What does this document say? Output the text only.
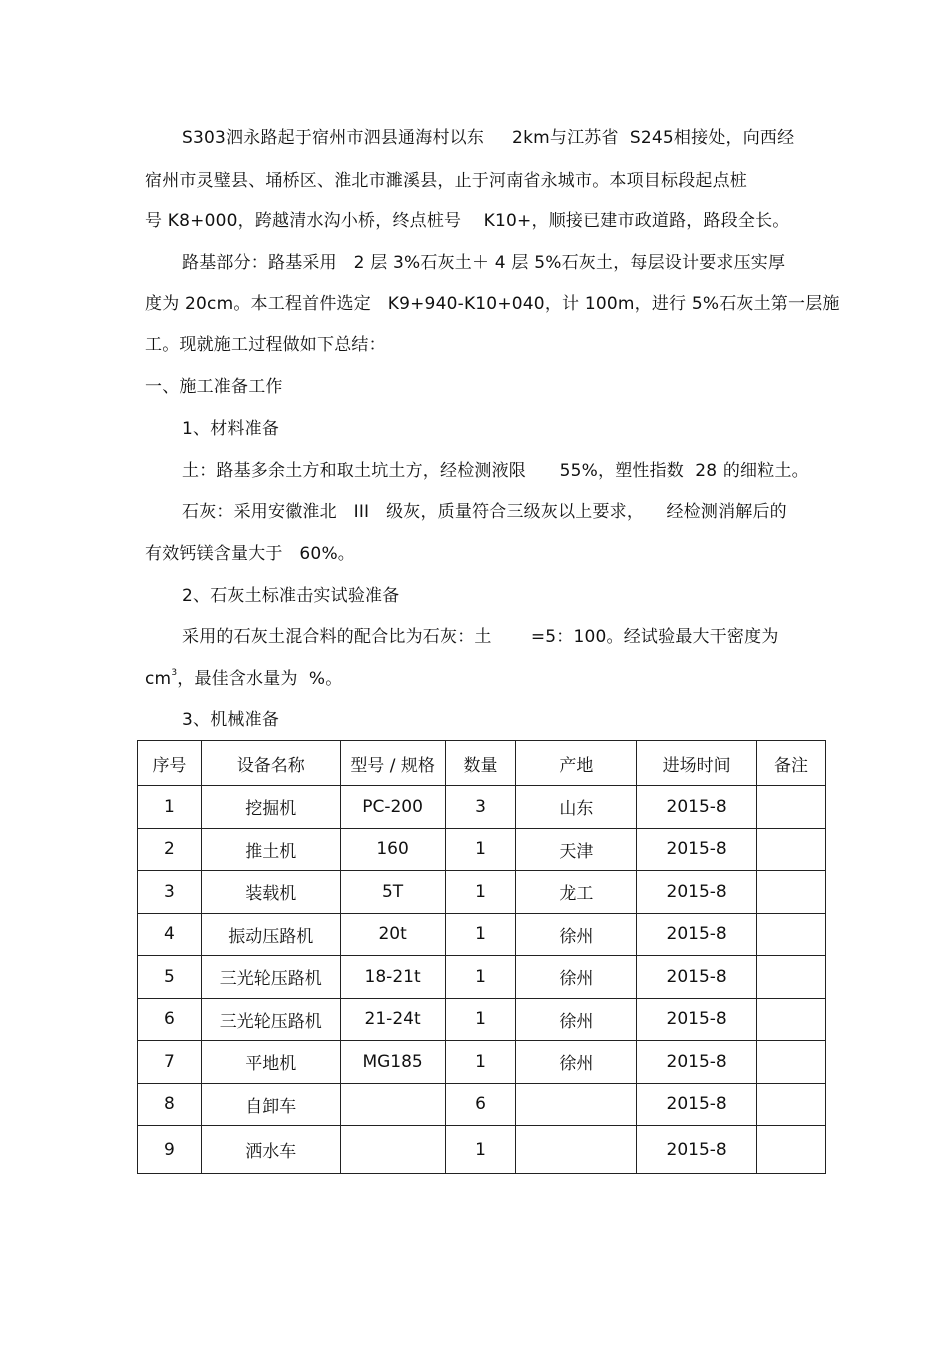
S303泗永路起于宿州市泗县通海村以东     2km与江苏省  S245相接处，向西经
宿州市灵璧县、埇桥区、淮北市濉溪县，止于河南省永城市。本项目标段起点桩
号 K8+000，跨越清水沟小桥，终点桩号    K10+，顺接已建市政道路，路段全长。
路基部分：路基采用   2 层 3%石灰土＋ 4 层 5%石灰土，每层设计要求压实厚
度为 20cm。本工程首件选定   K9+940-K10+040，计 100m，进行 5%石灰土第一层施
工。现就施工过程做如下总结：
一、施工准备工作
1、材料准备
土：路基多余土方和取土坑土方，经检测液限      55%，塑性指数  28 的细粒土。
石灰：采用安徽淮北   III   级灰，质量符合三级灰以上要求，    经检测消解后的
有效钙镁含量大于   60%。
2、石灰土标准击实试验准备
采用的石灰土混合料的配合比为石灰：土       =5：100。经试验最大干密度为
$cm^3$，最佳含水量为  %。
3、机械准备
序号	设备名称	型号 / 规格	数量	产地	进场时间	备注
1	挖掘机	PC-200	3	山东	2015-8	
2	推土机	160	1	天津	2015-8	
3	装载机	5T	1	龙工	2015-8	
4	振动压路机	20t	1	徐州	2015-8	
5	三光轮压路机	18-21t	1	徐州	2015-8	
6	三光轮压路机	21-24t	1	徐州	2015-8	
7	平地机	MG185	1	徐州	2015-8	
8	自卸车		6		2015-8	
9	洒水车		1		2015-8	
